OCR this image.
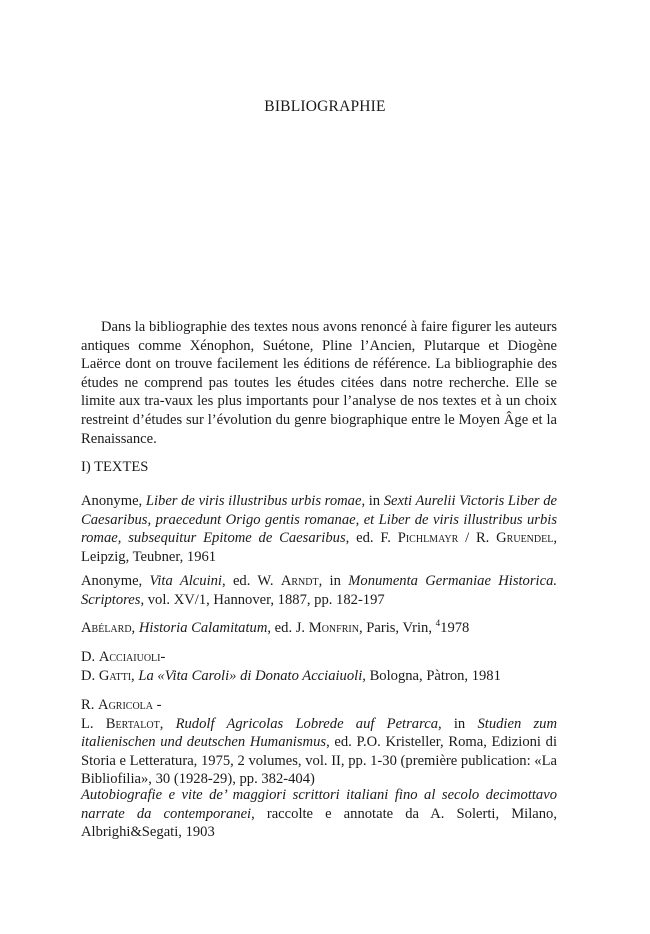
BIBLIOGRAPHIE

Dans la bibliographie des textes nous avons renoncé à faire figurer les auteurs antiques comme Xénophon, Suétone, Pline l’Ancien, Plutarque et Diogène Laërce dont on trouve facilement les éditions de référence. La bibliographie des études ne comprend pas toutes les études citées dans notre recherche. Elle se limite aux tra-vaux les plus importants pour l’analyse de nos textes et à un choix restreint d’études sur l’évolution du genre biographique entre le Moyen Âge et la Renaissance.

I) TEXTES

Anonyme, Liber de viris illustribus urbis romae, in Sexti Aurelii Victoris Liber de Caesaribus, praecedunt Origo gentis romanae, et Liber de viris illustribus urbis romae, subsequitur Epitome de Caesaribus, ed. F. Pichlmayr / R. Gruendel, Leipzig, Teubner, 1961

Anonyme, Vita Alcuini, ed. W. Arndt, in Monumenta Germaniae Historica. Scriptores, vol. XV/1, Hannover, 1887, pp. 182-197

Abélard, Historia Calamitatum, ed. J. Monfrin, Paris, Vrin, $^4$1978

D. Acciaiuoli-
D. Gatti, La «Vita Caroli» di Donato Acciaiuoli, Bologna, Pàtron, 1981

R. Agricola -
L. Bertalot, Rudolf Agricolas Lobrede auf Petrarca, in Studien zum italienischen und deutschen Humanismus, ed. P.O. Kristeller, Roma, Edizioni di Storia e Letteratura, 1975, 2 volumes, vol. II, pp. 1-30 (première publication: «La Bibliofilia», 30 (1928-29), pp. 382-404)

Autobiografie e vite de’ maggiori scrittori italiani fino al secolo decimottavo narrate da contemporanei, raccolte e annotate da A. Solerti, Milano, Albrighi&Segati, 1903
